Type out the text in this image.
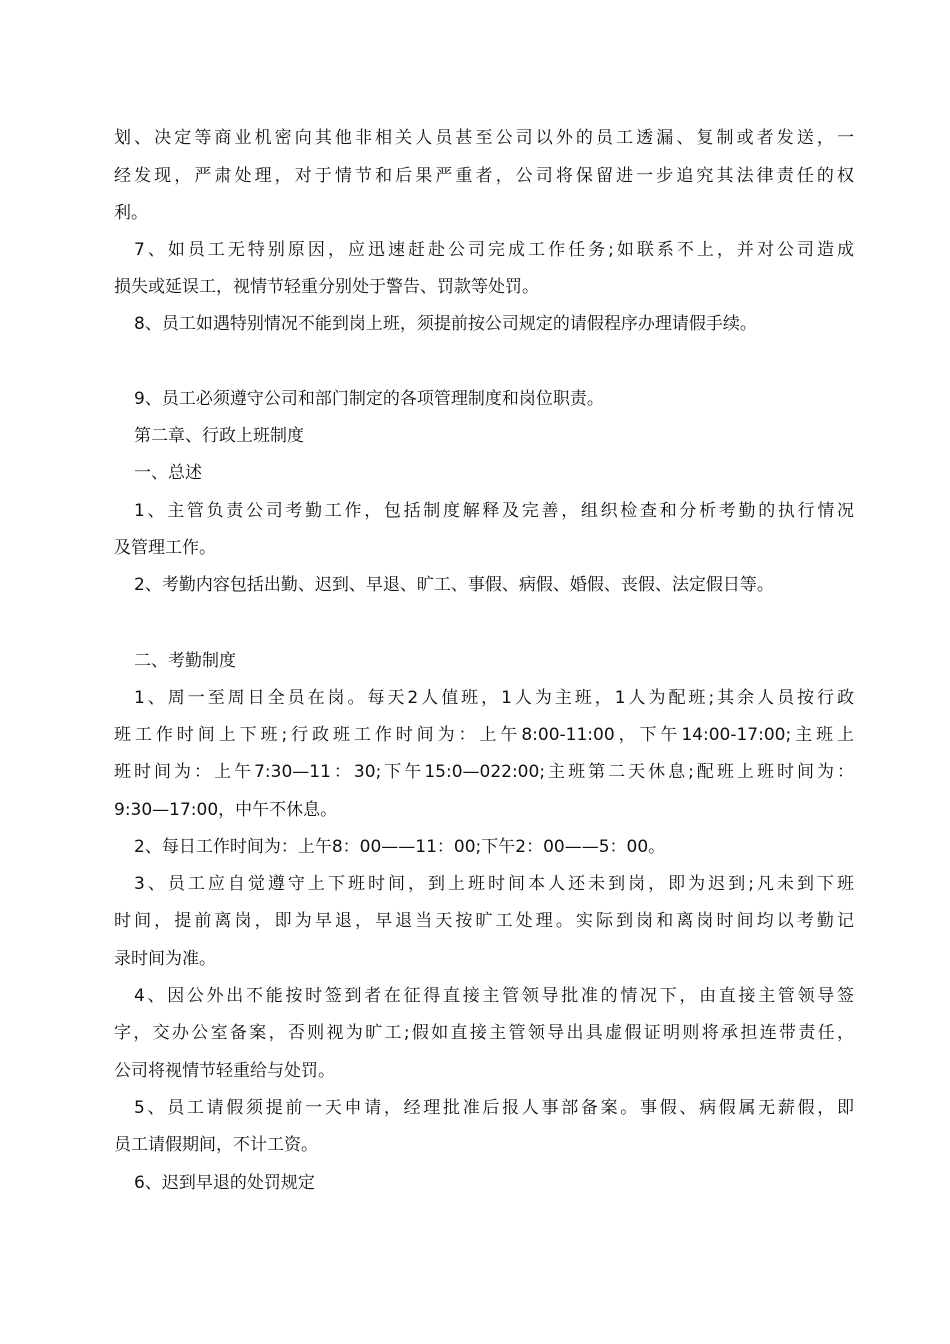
划、决定等商业机密向其他非相关人员甚至公司以外的员工透漏、复制或者发送，一
经发现，严肃处理，对于情节和后果严重者，公司将保留进一步追究其法律责任的权
利。
7、如员工无特别原因，应迅速赶赴公司完成工作任务;如联系不上，并对公司造成
损失或延误工，视情节轻重分别处于警告、罚款等处罚。
8、员工如遇特别情况不能到岗上班，须提前按公司规定的请假程序办理请假手续。
9、员工必须遵守公司和部门制定的各项管理制度和岗位职责。
第二章、行政上班制度
一、总述
1、主管负责公司考勤工作，包括制度解释及完善，组织检查和分析考勤的执行情况
及管理工作。
2、考勤内容包括出勤、迟到、早退、旷工、事假、病假、婚假、丧假、法定假日等。
二、考勤制度
1、周一至周日全员在岗。每天2人值班，1人为主班，1人为配班;其余人员按行政
班工作时间上下班;行政班工作时间为：上午8:00-11:00，下午14:00-17:00;主班上
班时间为：上午7:30—11：30;下午15:0—022:00;主班第二天休息;配班上班时间为：
9:30—17:00，中午不休息。
2、每日工作时间为：上午8：00——11：00;下午2：00——5：00。
3、员工应自觉遵守上下班时间，到上班时间本人还未到岗，即为迟到;凡未到下班
时间，提前离岗，即为早退，早退当天按旷工处理。实际到岗和离岗时间均以考勤记
录时间为准。
4、因公外出不能按时签到者在征得直接主管领导批准的情况下，由直接主管领导签
字，交办公室备案，否则视为旷工;假如直接主管领导出具虚假证明则将承担连带责任，
公司将视情节轻重给与处罚。
5、员工请假须提前一天申请，经理批准后报人事部备案。事假、病假属无薪假，即
员工请假期间，不计工资。
6、迟到早退的处罚规定
